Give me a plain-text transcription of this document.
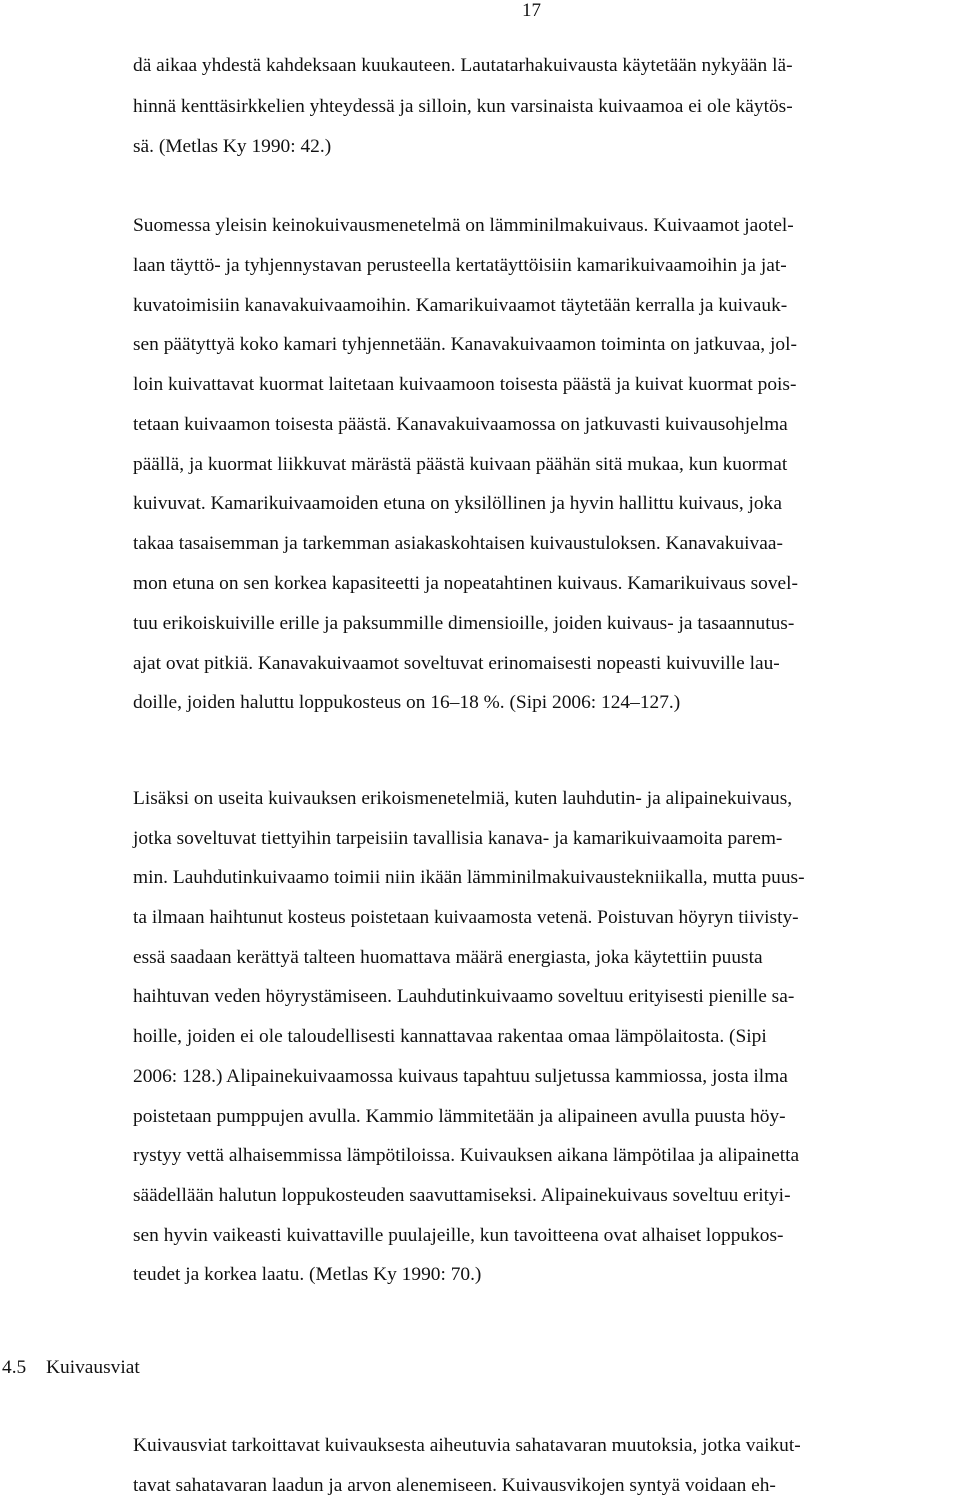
17
dä aikaa yhdestä kahdeksaan kuukauteen. Lautatarhakuivausta käytetään nykyään lä-
hinnä kenttäsirkkelien yhteydessä ja silloin, kun varsinaista kuivaamoa ei ole käytös-
sä. (Metlas Ky 1990: 42.)
Suomessa yleisin keinokuivausmenetelmä on lämminilmakuivaus. Kuivaamot jaotel-
laan täyttö- ja tyhjennystavan perusteella kertatäyttöisiin kamarikuivaamoihin ja jat-
kuvatoimisiin kanavakuivaamoihin. Kamarikuivaamot täytetään kerralla ja kuivauk-
sen päätyttyä koko kamari tyhjennetään. Kanavakuivaamon toiminta on jatkuvaa, jol-
loin kuivattavat kuormat laitetaan kuivaamoon toisesta päästä ja kuivat kuormat pois-
tetaan kuivaamon toisesta päästä. Kanavakuivaamossa on jatkuvasti kuivausohjelma
päällä, ja kuormat liikkuvat märästä päästä kuivaan päähän sitä mukaa, kun kuormat
kuivuvat. Kamarikuivaamoiden etuna on yksilöllinen ja hyvin hallittu kuivaus, joka
takaa tasaisemman ja tarkemman asiakaskohtaisen kuivaustuloksen. Kanavakuivaa-
mon etuna on sen korkea kapasiteetti ja nopeatahtinen kuivaus. Kamarikuivaus sovel-
tuu erikoiskuiville erille ja paksummille dimensioille, joiden kuivaus- ja tasaannutus-
ajat ovat pitkiä. Kanavakuivaamot soveltuvat erinomaisesti nopeasti kuivuville lau-
doille, joiden haluttu loppukosteus on 16–18 %. (Sipi 2006: 124–127.)
Lisäksi on useita kuivauksen erikoismenetelmiä, kuten lauhdutin- ja alipainekuivaus,
jotka soveltuvat tiettyihin tarpeisiin tavallisia kanava- ja kamarikuivaamoita parem-
min. Lauhdutinkuivaamo toimii niin ikään lämminilmakuivaustekniikalla, mutta puus-
ta ilmaan haihtunut kosteus poistetaan kuivaamosta vetenä. Poistuvan höyryn tiivisty-
essä saadaan kerättyä talteen huomattava määrä energiasta, joka käytettiin puusta
haihtuvan veden höyrystämiseen. Lauhdutinkuivaamo soveltuu erityisesti pienille sa-
hoille, joiden ei ole taloudellisesti kannattavaa rakentaa omaa lämpölaitosta. (Sipi
2006: 128.) Alipainekuivaamossa kuivaus tapahtuu suljetussa kammiossa, josta ilma
poistetaan pumppujen avulla. Kammio lämmitetään ja alipaineen avulla puusta höy-
rystyy vettä alhaisemmissa lämpötiloissa. Kuivauksen aikana lämpötilaa ja alipainetta
säädellään halutun loppukosteuden saavuttamiseksi. Alipainekuivaus soveltuu erityi-
sen hyvin vaikeasti kuivattaville puulajeille, kun tavoitteena ovat alhaiset loppukos-
teudet ja korkea laatu. (Metlas Ky 1990: 70.)
4.5 Kuivausviat
Kuivausviat tarkoittavat kuivauksesta aiheutuvia sahatavaran muutoksia, jotka vaikut-
tavat sahatavaran laadun ja arvon alenemiseen. Kuivausvikojen syntyä voidaan eh-
